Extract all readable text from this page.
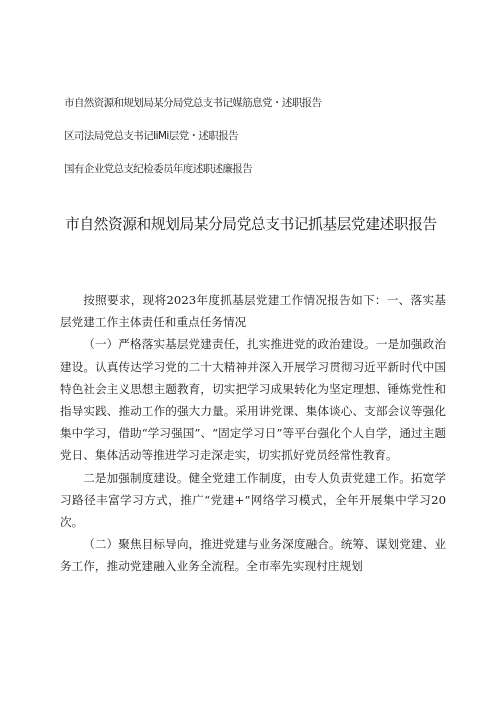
市自然资源和规划局某分局党总支书记媒筋息党・述职报告
区司法局党总支书记IiMi层党・述职报告
国有企业党总支纪检委员年度述职述廉报告
市自然资源和规划局某分局党总支书记抓基层党建述职报告

按照要求，现将2023年度抓基层党建工作情况报告如下：一、落实基层党建工作主体责任和重点任务情况

（一）严格落实基层党建责任，扎实推进党的政治建设。一是加强政治建设。认真传达学习党的二十大精神并深入开展学习贯彻习近平新时代中国特色社会主义思想主题教育，切实把学习成果转化为坚定理想、锤炼党性和指导实践、推动工作的强大力量。采用讲党课、集体谈心、支部会议等强化集中学习，借助“学习强国”、“固定学习日”等平台强化个人自学，通过主题党日、集体活动等推进学习走深走实，切实抓好党员经常性教育。

二是加强制度建设。健全党建工作制度，由专人负责党建工作。拓宽学习路径丰富学习方式，推广“党建+”网络学习模式，全年开展集中学习20次。

（二）聚焦目标导向，推进党建与业务深度融合。统筹、谋划党建、业务工作，推动党建融入业务全流程。全市率先实现村庄规划
